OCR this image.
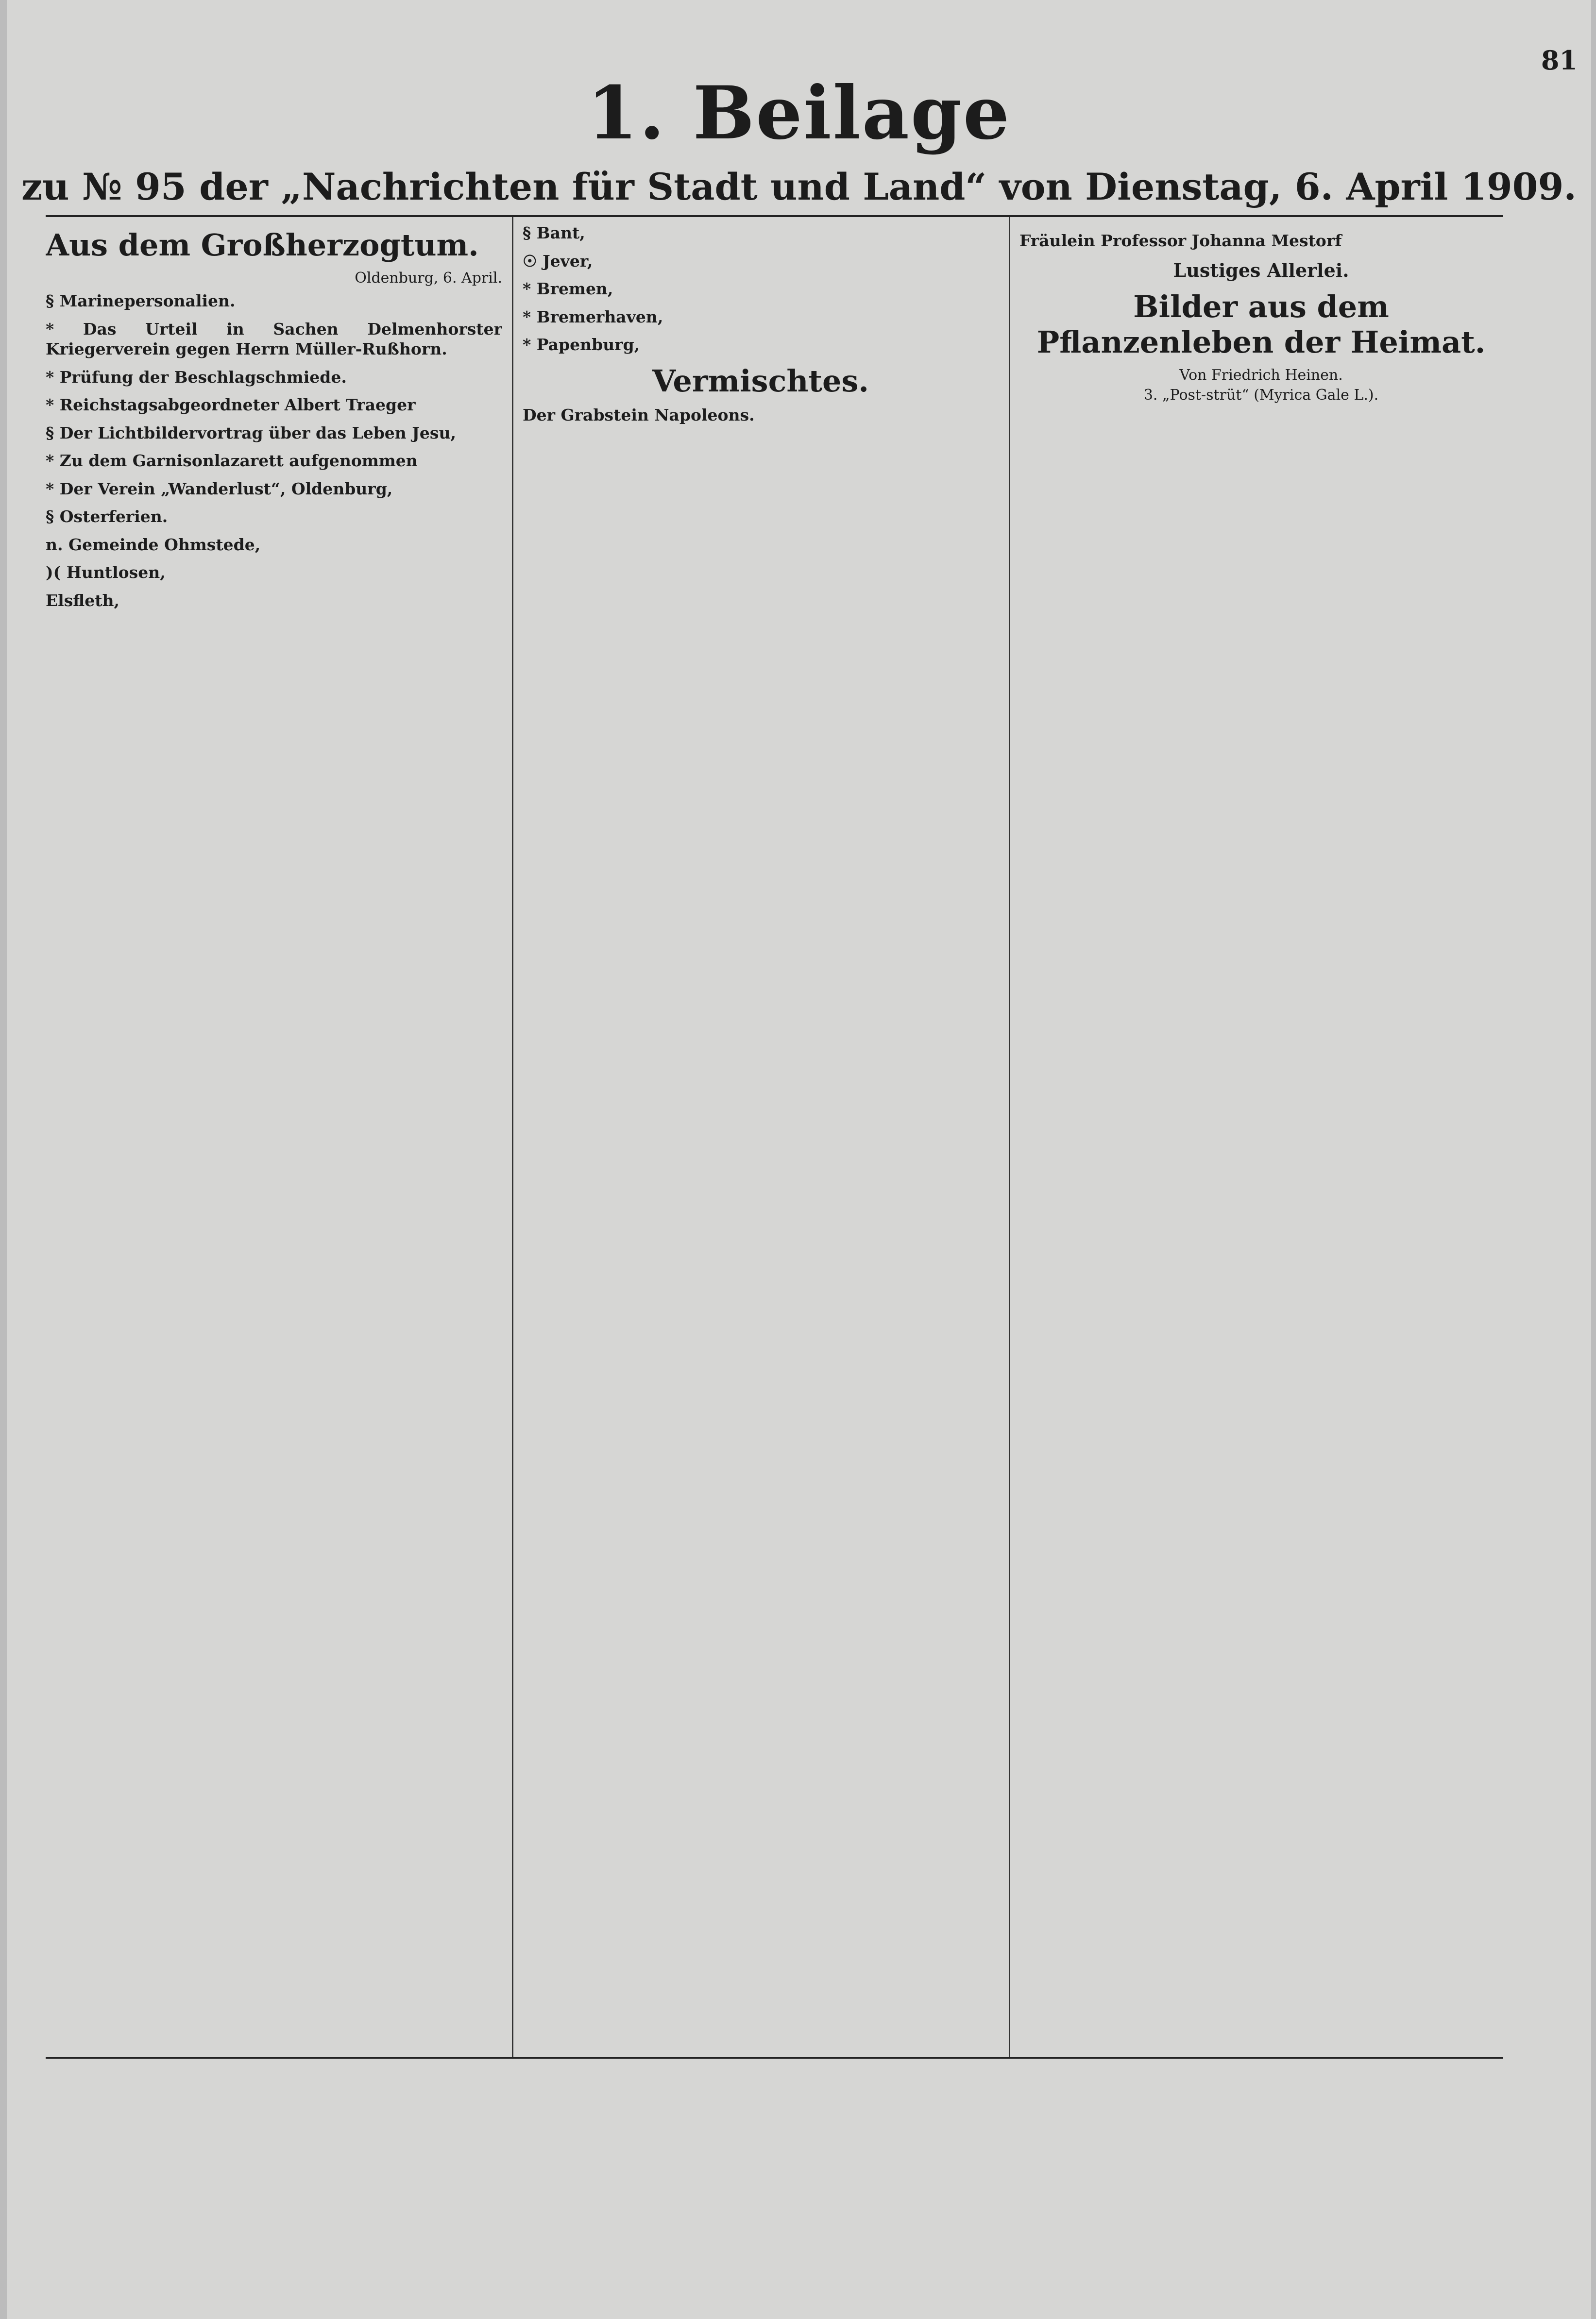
81
1. Beilage
zu № 95 der „Nachrichten für Stadt und Land“ von Dienstag, 6. April 1909.
Aus dem Großherzogtum.
Oldenburg, 6. April.

§ Marinepersonalien.

* Das Urteil in Sachen Delmenhorster Kriegerverein gegen Herrn Müller-Rußhorn.

* Prüfung der Beschlagschmiede.

* Reichstagsabgeordneter Albert Traeger

§ Der Lichtbildervortrag über das Leben Jesu,

* Zu dem Garnisonlazarett aufgenommen

* Der Verein „Wanderlust“, Oldenburg,

§ Osterferien.

n. Gemeinde Ohmstede,

)( Huntlosen,

Elsfleth,

§ Bant,

☉ Jever,

* Bremen,

* Bremerhaven,

* Papenburg,

Vermischtes.

Der Grabstein Napoleons.

Fräulein Professor Johanna Mestorf

Lustiges Allerlei.

Bilder aus dem Pflanzenleben der Heimat.
Von Friedrich Heinen.
3. „Post-strüt“ (Myrica Gale L.).
